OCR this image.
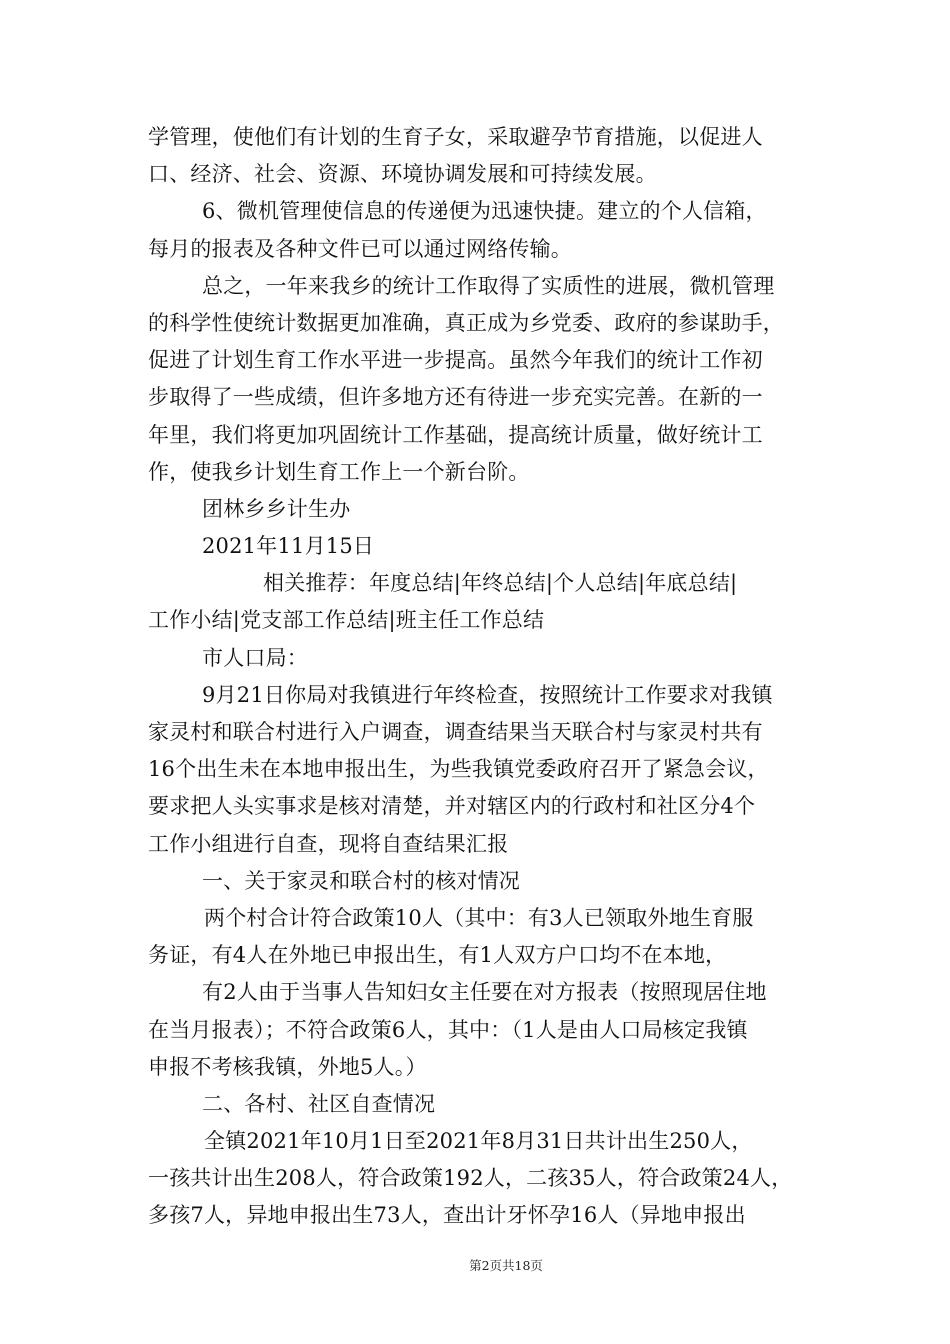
学管理，使他们有计划的生育子女，采取避孕节育措施，以促进人
口、经济、社会、资源、环境协调发展和可持续发展。
6、微机管理使信息的传递便为迅速快捷。建立的个人信箱，
每月的报表及各种文件已可以通过网络传输。
总之，一年来我乡的统计工作取得了实质性的进展，微机管理
的科学性使统计数据更加准确，真正成为乡党委、政府的参谋助手，
促进了计划生育工作水平进一步提高。虽然今年我们的统计工作初
步取得了一些成绩，但许多地方还有待进一步充实完善。在新的一
年里，我们将更加巩固统计工作基础，提高统计质量，做好统计工
作，使我乡计划生育工作上一个新台阶。
团林乡乡计生办
2021年11月15日
相关推荐：年度总结|年终总结|个人总结|年底总结|
工作小结|党支部工作总结|班主任工作总结
市人口局：
9月21日你局对我镇进行年终检查，按照统计工作要求对我镇
家灵村和联合村进行入户调查，调查结果当天联合村与家灵村共有
16个出生未在本地申报出生，为些我镇党委政府召开了紧急会议，
要求把人头实事求是核对清楚，并对辖区内的行政村和社区分4个
工作小组进行自查，现将自查结果汇报
一、关于家灵和联合村的核对情况
两个村合计符合政策10人（其中：有3人已领取外地生育服
务证，有4人在外地已申报出生，有1人双方户口均不在本地，
有2人由于当事人告知妇女主任要在对方报表（按照现居住地
在当月报表）；不符合政策6人，其中：（1人是由人口局核定我镇
申报不考核我镇，外地5人。）
二、各村、社区自查情况
全镇2021年10月1日至2021年8月31日共计出生250人，
一孩共计出生208人，符合政策192人，二孩35人，符合政策24人，
多孩7人，异地申报出生73人，查出计牙怀孕16人（异地申报出
第2页共18页
